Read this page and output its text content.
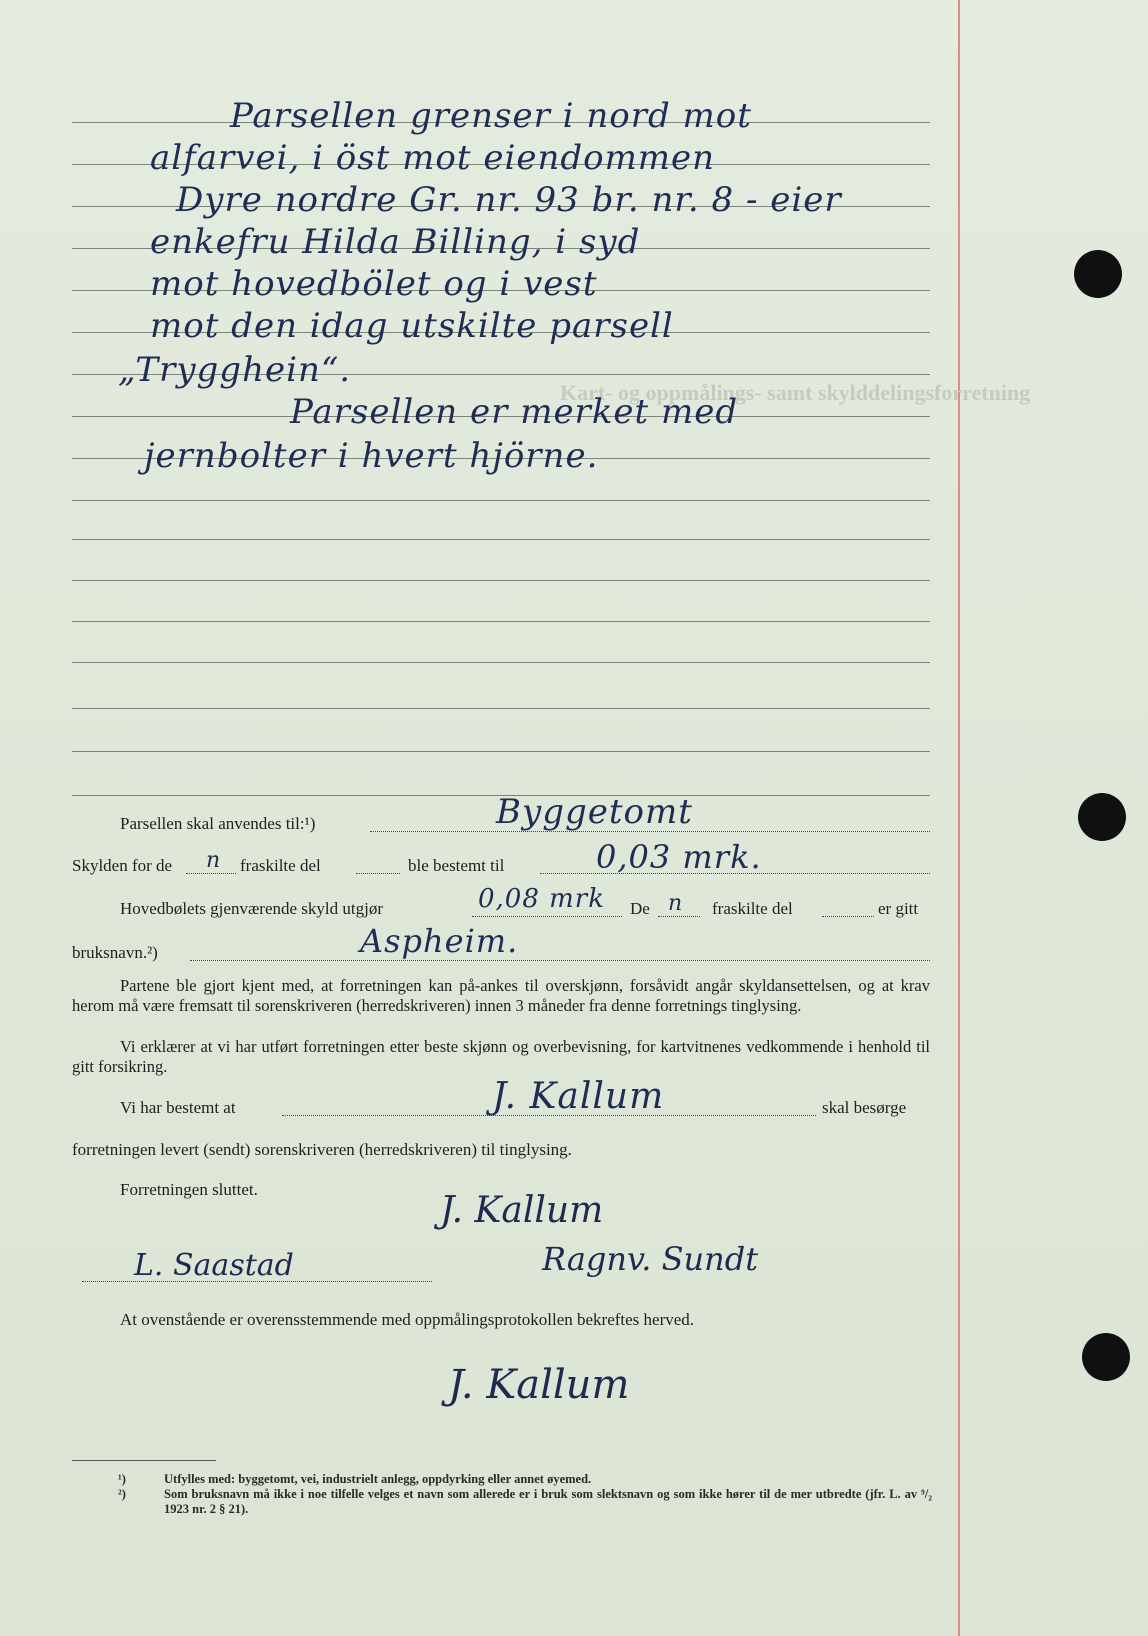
Kart- og oppmålings- samt skylddelingsforretning
Parsellen grenser i nord mot
alfarvei, i öst mot eiendommen
Dyre nordre Gr. nr. 93 br. nr. 8 - eier
enkefru Hilda Billing, i syd
mot hovedbölet og i vest
mot den idag utskilte parsell
„Trygghein“.
Parsellen er merket med
jernbolter i hvert hjörne.
Parsellen skal anvendes til:¹)	Byggetomt
Skylden for de n fraskilte del	ble bestemt til	0,03 mrk.
Hovedbølets gjenværende skyld utgjør	0,08 mrk De n fraskilte del	er gitt
bruksnavn.²)	Aspheim.

Partene ble gjort kjent med, at forretningen kan på-ankes til overskjønn, forsåvidt angår skyldansettelsen, og at krav herom må være fremsatt til sorenskriveren (herredskriveren) innen 3 måneder fra denne forretnings tinglysing.

Vi erklærer at vi har utført forretningen etter beste skjønn og overbevisning, for kartvitnenes vedkommende i henhold til gitt forsikring.

Vi har bestemt at	J. Kallum	skal besørge
forretningen levert (sendt) sorenskriveren (herredskriveren) til tinglysing.
Forretningen sluttet.
J. Kallum
L. Saastad	Ragnv. Sundt
At ovenstående er overensstemmende med oppmålingsprotokollen bekreftes herved.
J. Kallum
¹)	Utfylles med: byggetomt, vei, industrielt anlegg, oppdyrking eller annet øyemed.
²)	Som bruksnavn må ikke i noe tilfelle velges et navn som allerede er i bruk som slektsnavn og som ikke hører til de mer utbredte (jfr. L. av ⁹/₂ 1923 nr. 2 § 21).
